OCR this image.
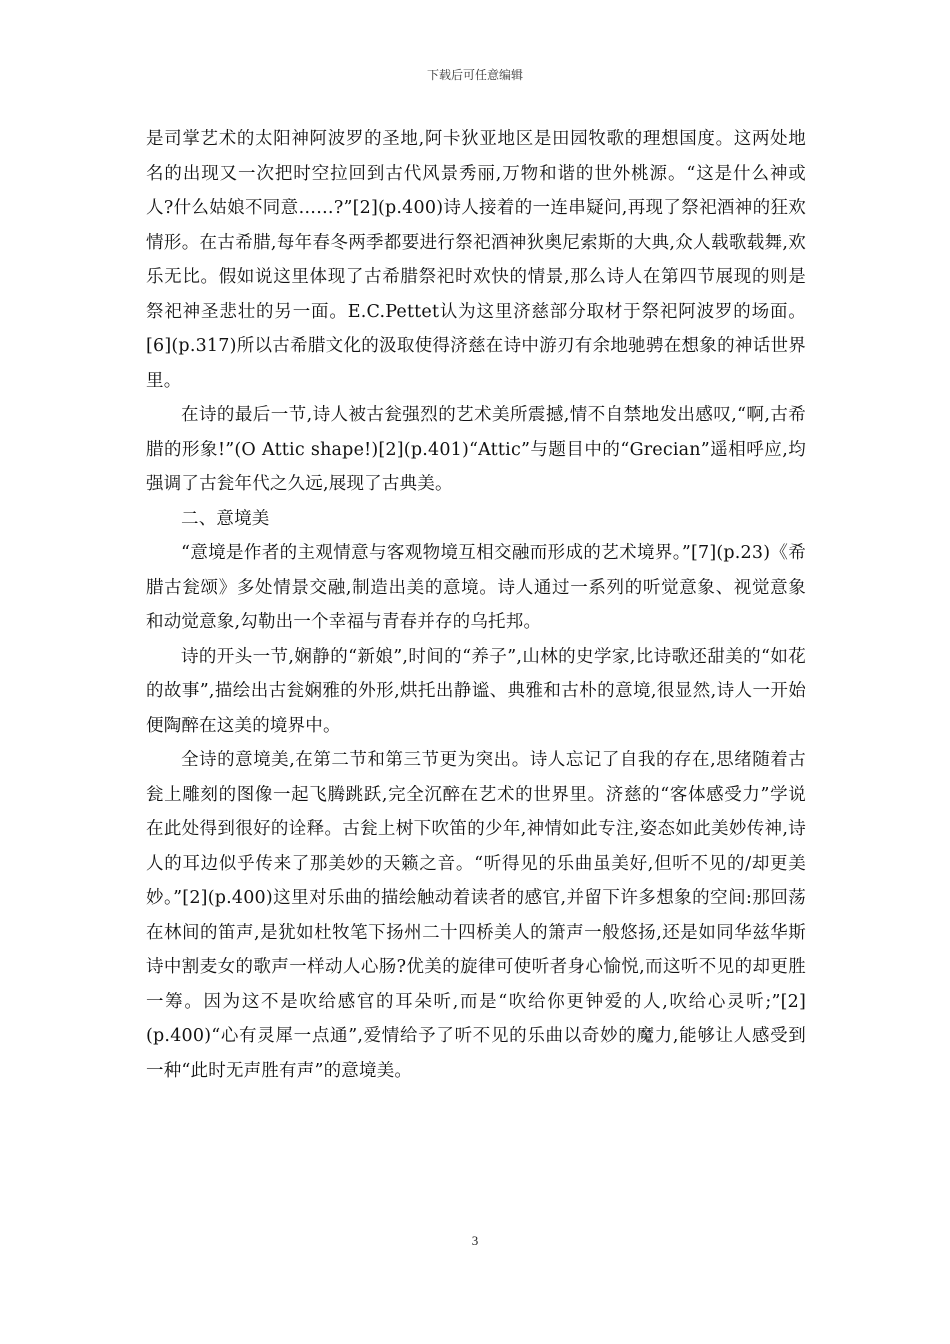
下载后可任意编辑

是司掌艺术的太阳神阿波罗的圣地,阿卡狄亚地区是田园牧歌的理想国度。这两处地名的出现又一次把时空拉回到古代风景秀丽,万物和谐的世外桃源。“这是什么神或人?什么姑娘不同意……?”[2](p.400)诗人接着的一连串疑问,再现了祭祀酒神的狂欢情形。在古希腊,每年春冬两季都要进行祭祀酒神狄奥尼索斯的大典,众人载歌载舞,欢乐无比。假如说这里体现了古希腊祭祀时欢快的情景,那么诗人在第四节展现的则是祭祀神圣悲壮的另一面。E.C.Pettet认为这里济慈部分取材于祭祀阿波罗的场面。[6](p.317)所以古希腊文化的汲取使得济慈在诗中游刃有余地驰骋在想象的神话世界里。

在诗的最后一节,诗人被古瓮强烈的艺术美所震撼,情不自禁地发出感叹,“啊,古希腊的形象!”(O Attic shape!)[2](p.401)“Attic”与题目中的“Grecian”遥相呼应,均强调了古瓮年代之久远,展现了古典美。

二、意境美

“意境是作者的主观情意与客观物境互相交融而形成的艺术境界。”[7](p.23)《希腊古瓮颂》多处情景交融,制造出美的意境。诗人通过一系列的听觉意象、视觉意象和动觉意象,勾勒出一个幸福与青春并存的乌托邦。

诗的开头一节,娴静的“新娘”,时间的“养子”,山林的史学家,比诗歌还甜美的“如花的故事”,描绘出古瓮娴雅的外形,烘托出静谧、典雅和古朴的意境,很显然,诗人一开始便陶醉在这美的境界中。

全诗的意境美,在第二节和第三节更为突出。诗人忘记了自我的存在,思绪随着古瓮上雕刻的图像一起飞腾跳跃,完全沉醉在艺术的世界里。济慈的“客体感受力”学说在此处得到很好的诠释。古瓮上树下吹笛的少年,神情如此专注,姿态如此美妙传神,诗人的耳边似乎传来了那美妙的天籁之音。“听得见的乐曲虽美好,但听不见的/却更美妙。”[2](p.400)这里对乐曲的描绘触动着读者的感官,并留下许多想象的空间:那回荡在林间的笛声,是犹如杜牧笔下扬州二十四桥美人的箫声一般悠扬,还是如同华兹华斯诗中割麦女的歌声一样动人心肠?优美的旋律可使听者身心愉悦,而这听不见的却更胜一筹。因为这不是吹给感官的耳朵听,而是“吹给你更钟爱的人,吹给心灵听;”[2](p.400)“心有灵犀一点通”,爱情给予了听不见的乐曲以奇妙的魔力,能够让人感受到一种“此时无声胜有声”的意境美。

3
